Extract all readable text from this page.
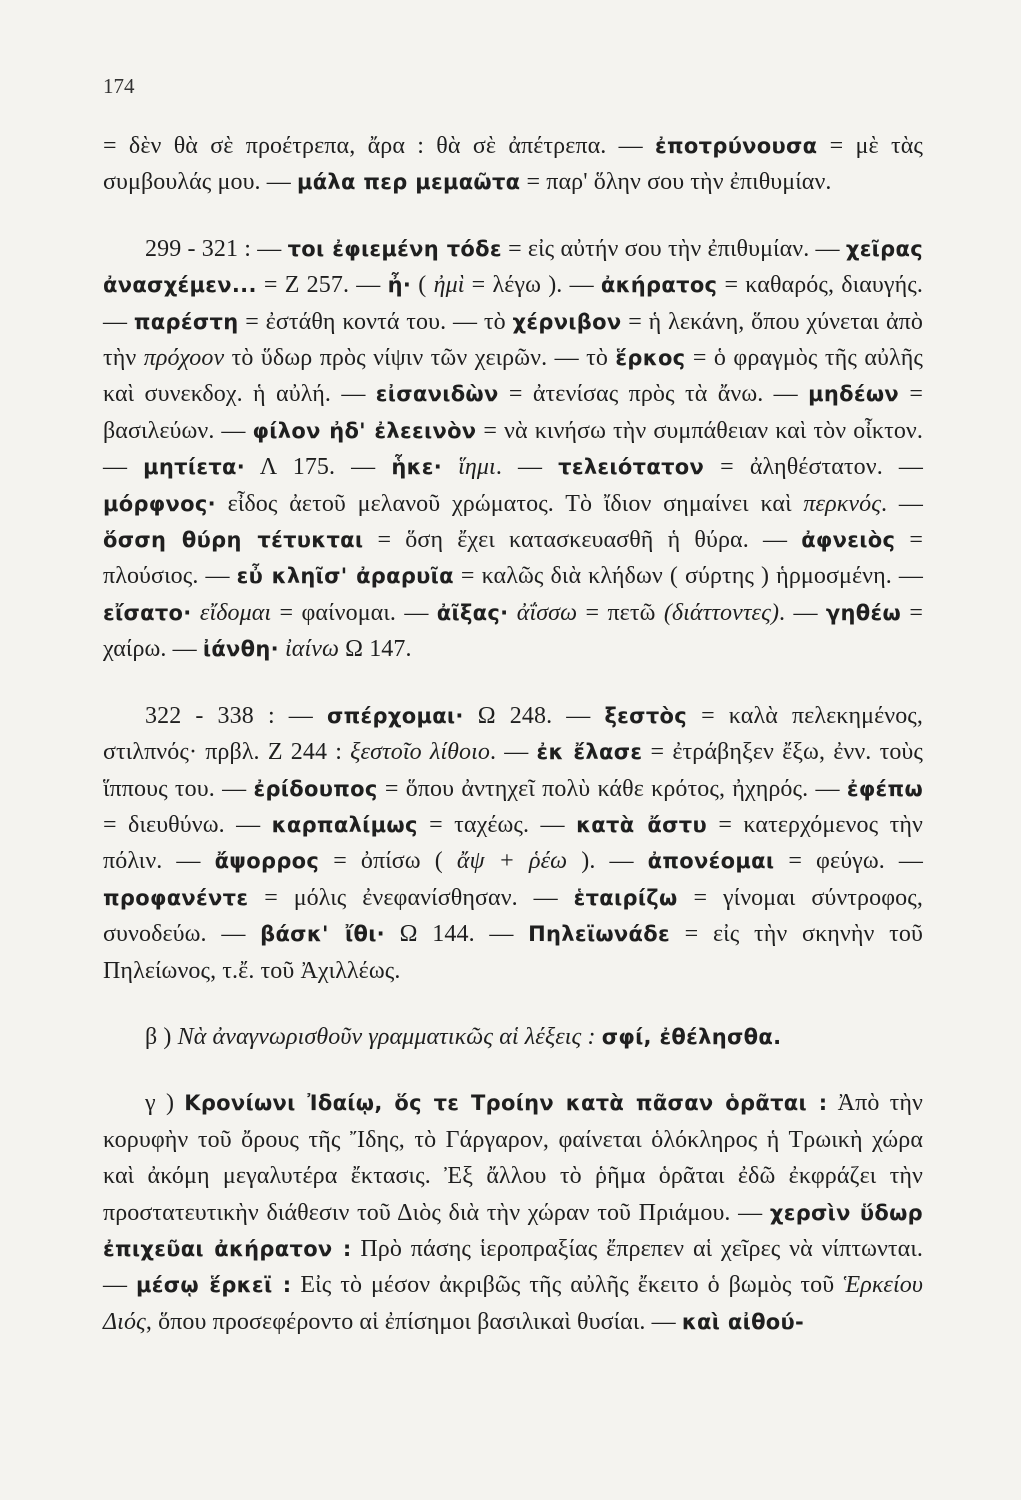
174

= δὲν θὰ σὲ προέτρεπα, ἄρα : θὰ σὲ ἀπέτρεπα. — ἐποτρύνουσα = μὲ τὰς συμβουλάς μου. — μάλα περ μεμαῶτα = παρ' ὅλην σου τὴν ἐπιθυμίαν.

299 - 321 : — τοι ἐφιεμένη τόδε = εἰς αὐτήν σου τὴν ἐπιθυμίαν. — χεῖρας ἀνασχέμεν... = Ζ 257. — ἦ· ( ἠμὶ = λέγω ). — ἀκήρατος = καθαρός, διαυγής. — παρέστη = ἐστάθη κοντά του. — τὸ χέρνιβον = ἡ λεκάνη, ὅπου χύνεται ἀπὸ τὴν πρόχοον τὸ ὕδωρ πρὸς νίψιν τῶν χειρῶν. — τὸ ἕρκος = ὁ φραγμὸς τῆς αὐλῆς καὶ συνεκδοχ. ἡ αὐλή. — εἰσανιδὼν = ἀτενίσας πρὸς τὰ ἄνω. — μηδέων = βασιλεύων. — φίλον ἠδ' ἐλεεινὸν = νὰ κινήσω τὴν συμπάθειαν καὶ τὸν οἶκτον. — μητίετα· Λ 175. — ἧκε· ἵημι. — τελειότατον = ἀληθέστατον. — μόρφνος· εἶδος ἀετοῦ μελανοῦ χρώματος. Τὸ ἴδιον σημαίνει καὶ περκνός. — ὅσση θύρη τέτυκται = ὅση ἔχει κατασκευασθῆ ἡ θύρα. — ἀφνειὸς = πλούσιος. — εὖ κληῖσ' ἀραρυῖα = καλῶς διὰ κλήδων ( σύρτης ) ἡρμοσμένη. — εἴσατο· εἴδομαι = φαίνομαι. — ἀῖξας· ἀΐσσω = πετῶ (διάττοντες). — γηθέω = χαίρω. — ἰάνθη· ἰαίνω Ω 147.

322 - 338 : — σπέρχομαι· Ω 248. — ξεστὸς = καλὰ πελεκημένος, στιλπνός· πρβλ. Ζ 244 : ξεστοῖο λίθοιο. — ἐκ ἔλασε = ἐτράβηξεν ἔξω, ἐνν. τοὺς ἵππους του. — ἐρίδουπος = ὅπου ἀντηχεῖ πολὺ κάθε κρότος, ἠχηρός. — ἐφέπω = διευθύνω. — καρπαλίμως = ταχέως. — κατὰ ἄστυ = κατερχόμενος τὴν πόλιν. — ἄψορρος = ὀπίσω ( ἄψ + ῥέω ). — ἀπονέομαι = φεύγω. — προφανέντε = μόλις ἐνεφανίσθησαν. — ἑταιρίζω = γίνομαι σύντροφος, συνοδεύω. — βάσκ' ἴθι· Ω 144. — Πηλεϊωνάδε = εἰς τὴν σκηνὴν τοῦ Πηλείωνος, τ.ἔ. τοῦ Ἀχιλλέως.

β ) Νὰ ἀναγνωρισθοῦν γραμματικῶς αἱ λέξεις : σφί, ἐθέλησθα.

γ ) Κρονίωνι Ἰδαίῳ, ὅς τε Τροίην κατὰ πᾶσαν ὁρᾶται : Ἀπὸ τὴν κορυφὴν τοῦ ὄρους τῆς Ἴδης, τὸ Γάργαρον, φαίνεται ὁλόκληρος ἡ Τρωικὴ χώρα καὶ ἀκόμη μεγαλυτέρα ἔκτασις. Ἐξ ἄλλου τὸ ῥῆμα ὁρᾶται ἐδῶ ἐκφράζει τὴν προστατευτικὴν διάθεσιν τοῦ Διὸς διὰ τὴν χώραν τοῦ Πριάμου. — χερσὶν ὕδωρ ἐπιχεῦαι ἀκήρατον : Πρὸ πάσης ἱεροπραξίας ἔπρεπεν αἱ χεῖρες νὰ νίπτωνται. — μέσῳ ἕρκεϊ : Εἰς τὸ μέσον ἀκριβῶς τῆς αὐλῆς ἔκειτο ὁ βωμὸς τοῦ Ἑρκείου Διός, ὅπου προσεφέροντο αἱ ἐπίσημοι βασιλικαὶ θυσίαι. — καὶ αἰθού-
